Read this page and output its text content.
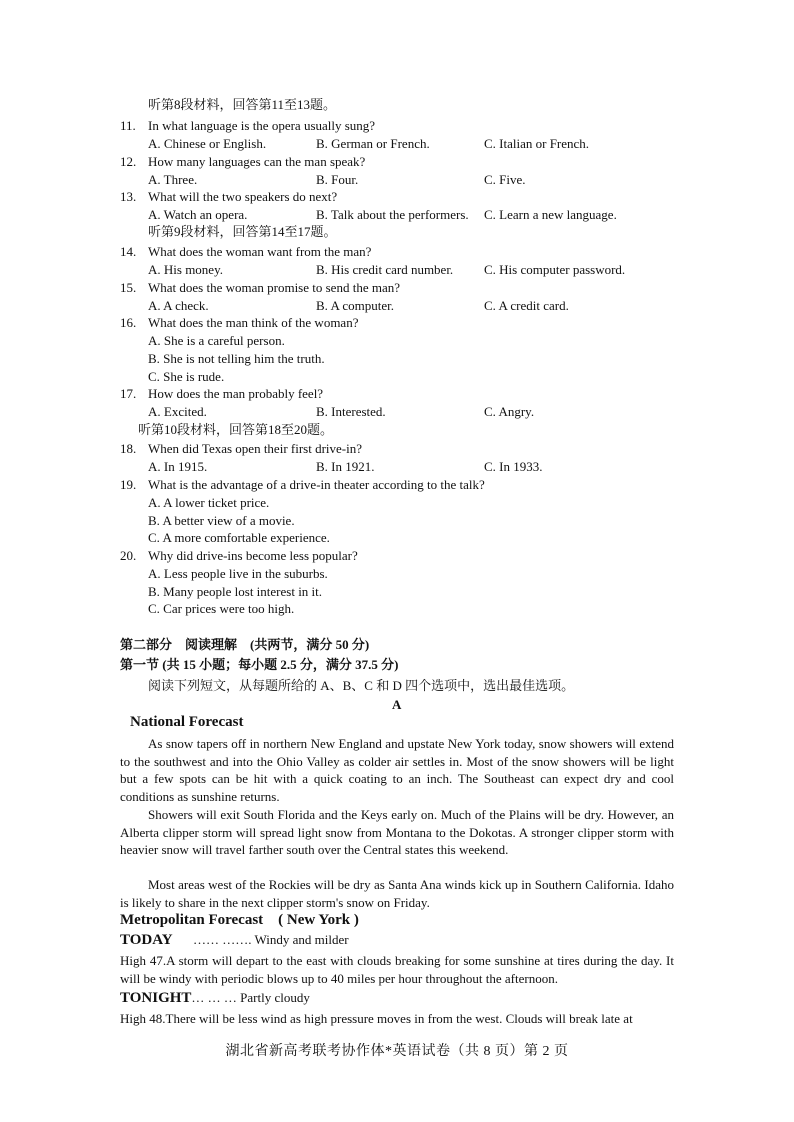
听第8段材料，回答第11至13题。
11. In what language is the opera usually sung?
A. Chinese or English.	B. German or French.	C. Italian or French.
12. How many languages can the man speak?
A. Three.	B. Four.	C. Five.
13. What will the two speakers do next?
A. Watch an opera.	B. Talk about the performers. C. Learn a new language.
听第9段材料，回答第14至17题。
14. What does the woman want from the man?
A. His money.	B. His credit card number. C. His computer password.
15. What does the woman promise to send the man?
A. A check.	B. A computer.	C. A credit card.
16. What does the man think of the woman?
A. She is a careful person.
B. She is not telling him the truth.
C. She is rude.
17. How does the man probably feel?
A. Excited.	B. Interested.	C. Angry.
听第10段材料，回答第18至20题。
18. When did Texas open their first drive-in?
A. In 1915.	B. In 1921.	C. In 1933.
19. What is the advantage of a drive-in theater according to the talk?
A. A lower ticket price.
B. A better view of a movie.
C. A more comfortable experience.
20. Why did drive-ins become less popular?
A. Less people live in the suburbs.
B. Many people lost interest in it.
C. Car prices were too high.
第二部分　阅读理解　(共两节，满分 50 分)
第一节 (共 15 小题；每小题 2.5 分，满分 37.5 分)
阅读下列短文，从每题所给的 A、B、C 和 D 四个选项中，选出最佳选项。
A
National Forecast
As snow tapers off in northern New England and upstate New York today, snow showers will extend to the southwest and into the Ohio Valley as colder air settles in. Most of the snow showers will be light but a few spots can be hit with a quick coating to an inch. The Southeast can expect dry and cool conditions as sunshine returns.
Showers will exit South Florida and the Keys early on. Much of the Plains will be dry. However, an Alberta clipper storm will spread light snow from Montana to the Dokotas. A stronger clipper storm with heavier snow will travel farther south over the Central states this weekend.
Most areas west of the Rockies will be dry as Santa Ana winds kick up in Southern California. Idaho is likely to share in the next clipper storm's snow on Friday.
Metropolitan Forecast　( New York )
TODAY …… ……. Windy and milder
High 47.A storm will depart to the east with clouds breaking for some sunshine at tires during the day. It will be windy with periodic blows up to 40 miles per hour throughout the afternoon.
TONIGHT… … … Partly cloudy
High 48.There will be less wind as high pressure moves in from the west. Clouds will break late at
湖北省新高考联考协作体*英语试卷（共 8 页）第 2 页
